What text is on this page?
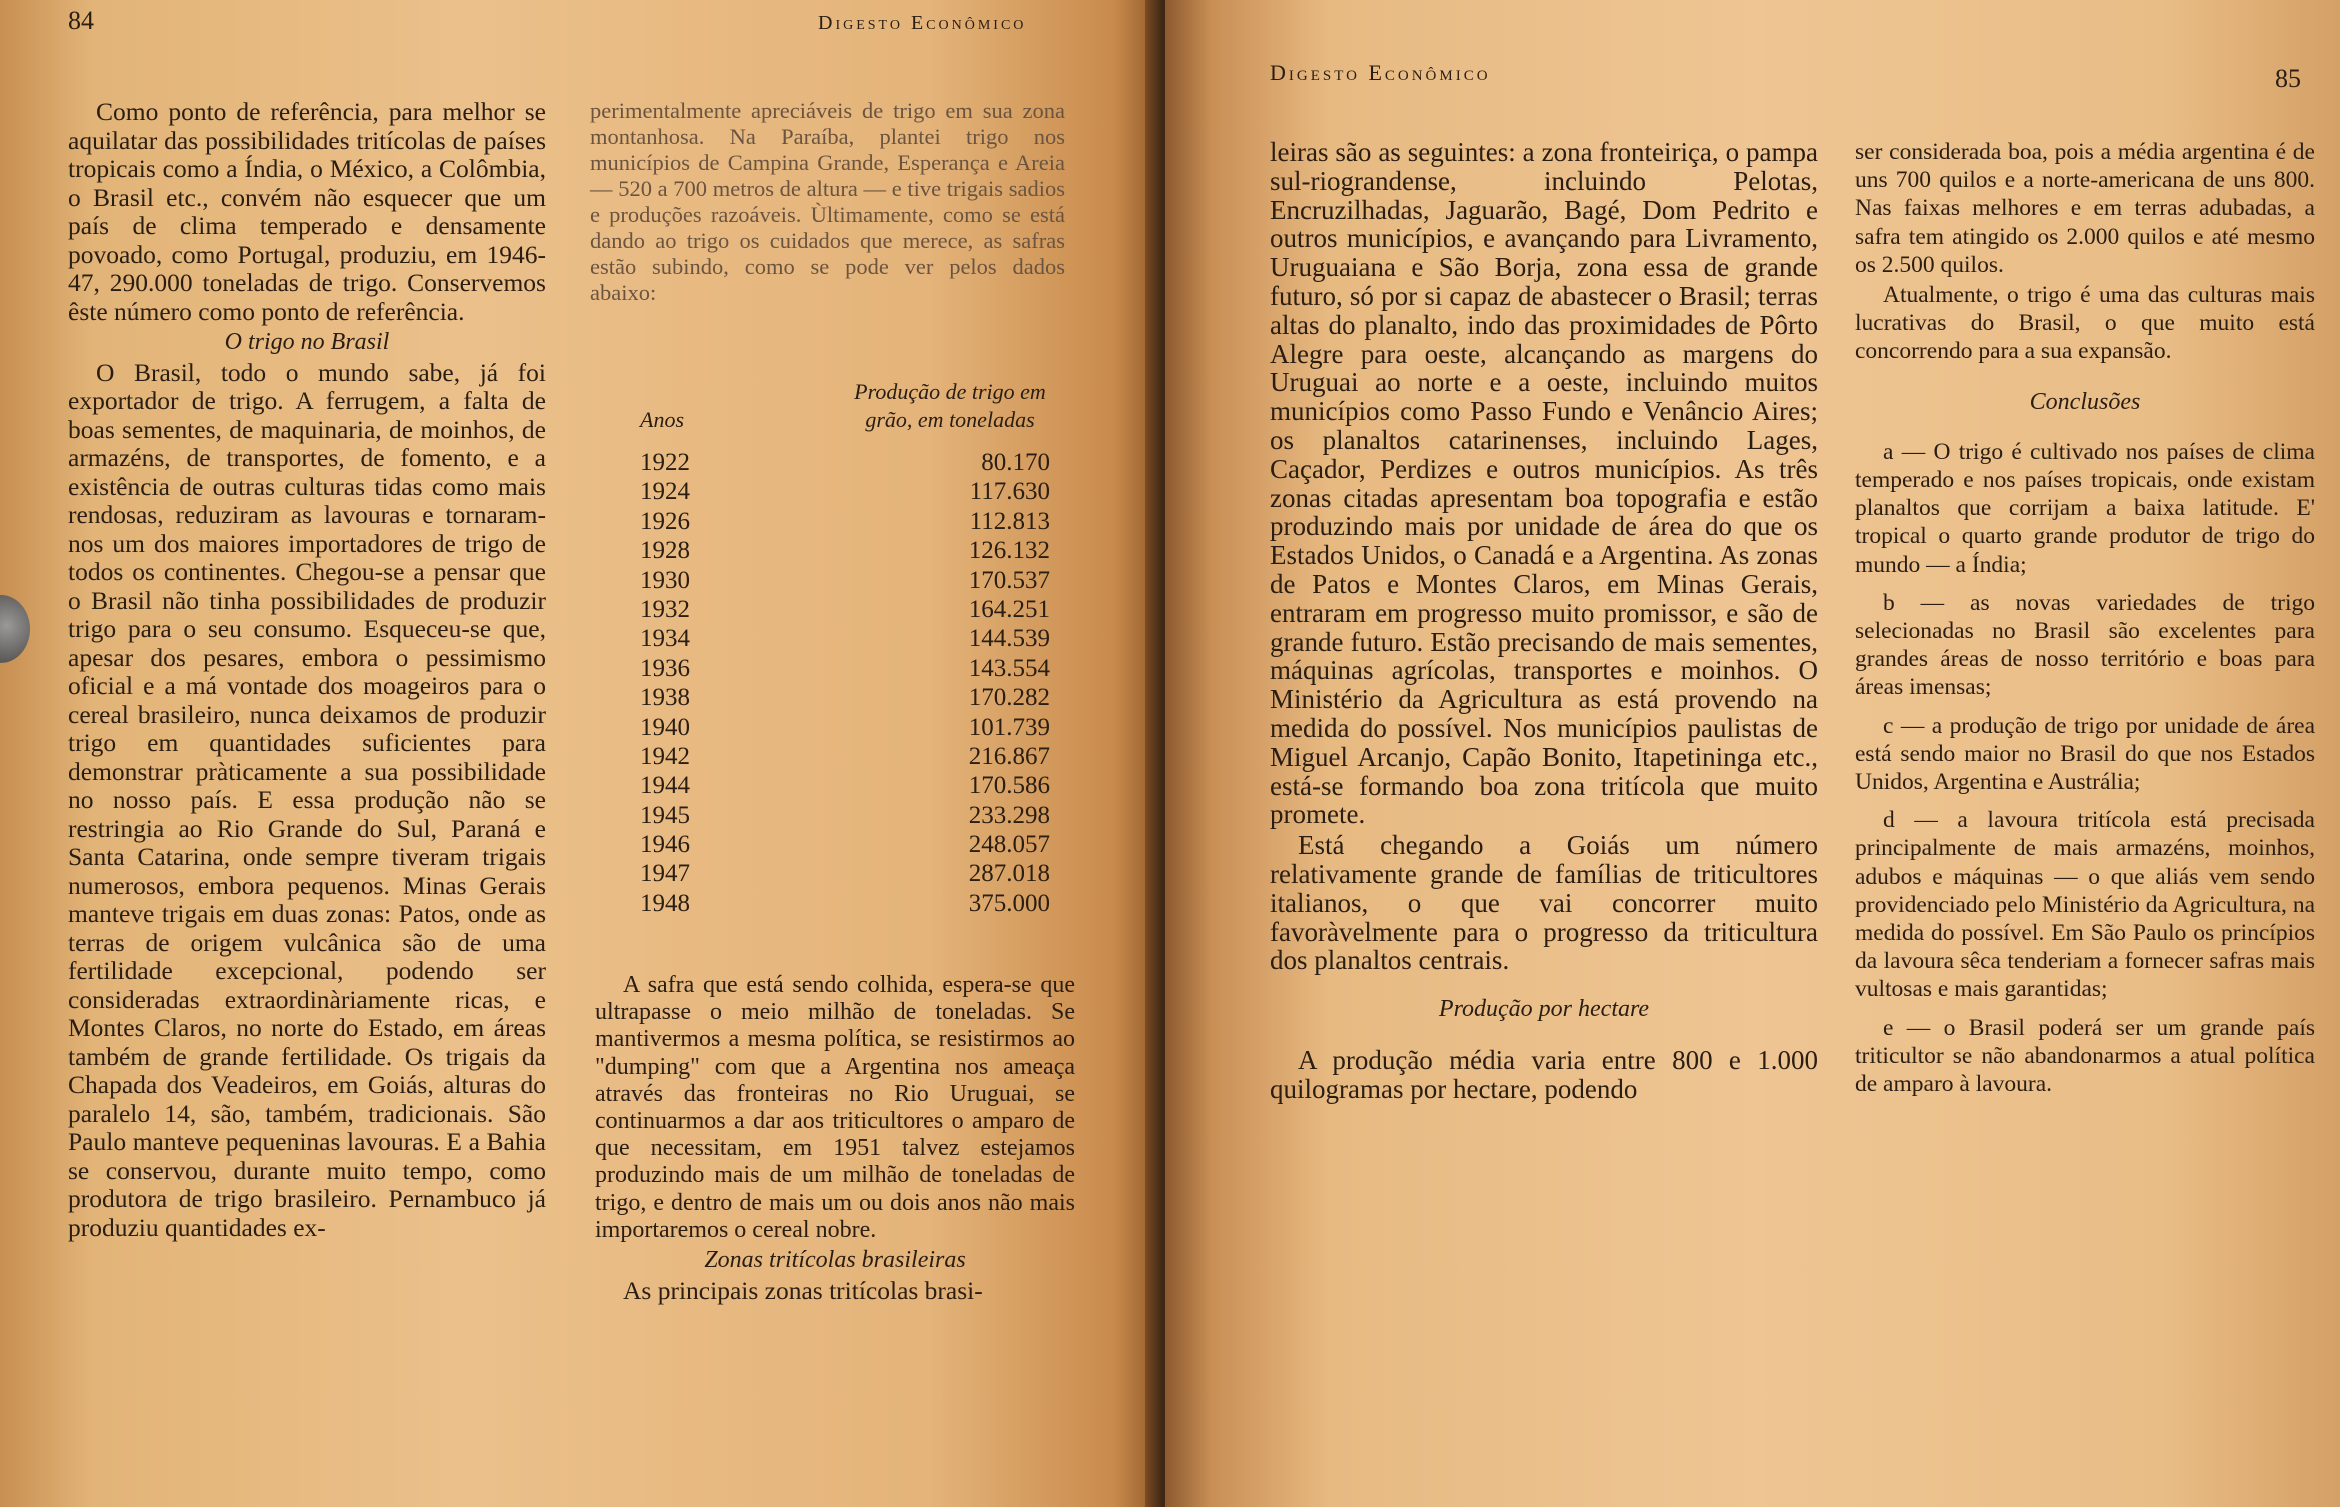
84	Digesto Econômico

Como ponto de referência, para melhor se aquilatar das possibilidades tritícolas de países tropicais como a Índia, o México, a Colômbia, o Brasil etc., convém não esquecer que um país de clima temperado e densamente povoado, como Portugal, produziu, em 1946-47, 290.000 toneladas de trigo. Conservemos êste número como ponto de referência.

O trigo no Brasil

O Brasil, todo o mundo sabe, já foi exportador de trigo. A ferrugem, a falta de boas sementes, de maquinaria, de moinhos, de armazéns, de transportes, de fomento, e a existência de outras culturas tidas como mais rendosas, reduziram as lavouras e tornaram-nos um dos maiores importadores de trigo de todos os continentes. Chegou-se a pensar que o Brasil não tinha possibilidades de produzir trigo para o seu consumo. Esqueceu-se que, apesar dos pesares, embora o pessimismo oficial e a má vontade dos moageiros para o cereal brasileiro, nunca deixamos de produzir trigo em quantidades suficientes para demonstrar pràticamente a sua possibilidade no nosso país. E essa produção não se restringia ao Rio Grande do Sul, Paraná e Santa Catarina, onde sempre tiveram trigais numerosos, embora pequenos. Minas Gerais manteve trigais em duas zonas: Patos, onde as terras de origem vulcânica são de uma fertilidade excepcional, podendo ser consideradas extraordinàriamente ricas, e Montes Claros, no norte do Estado, em áreas também de grande fertilidade. Os trigais da Chapada dos Veadeiros, em Goiás, alturas do paralelo 14, são, também, tradicionais. São Paulo manteve pequeninas lavouras. E a Bahia se conservou, durante muito tempo, como produtora de trigo brasileiro. Pernambuco já produziu quantidades ex-

perimentalmente apreciáveis de trigo em sua zona montanhosa. Na Paraíba, plantei trigo nos municípios de Campina Grande, Esperança e Areia — 520 a 700 metros de altura — e tive trigais sadios e produções razoáveis. Ùltimamente, como se está dando ao trigo os cuidados que merece, as safras estão subindo, como se pode ver pelos dados abaixo:

Anos
Produção de trigo em grão, em toneladas
1922	80.170
1924	117.630
1926	112.813
1928	126.132
1930	170.537
1932	164.251
1934	144.539
1936	143.554
1938	170.282
1940	101.739
1942	216.867
1944	170.586
1945	233.298
1946	248.057
1947	287.018
1948	375.000

A safra que está sendo colhida, espera-se que ultrapasse o meio milhão de toneladas. Se mantivermos a mesma política, se resistirmos ao "dumping" com que a Argentina nos ameaça através das fronteiras no Rio Uruguai, se continuarmos a dar aos triticultores o amparo de que necessitam, em 1951 talvez estejamos produzindo mais de um milhão de toneladas de trigo, e dentro de mais um ou dois anos não mais importaremos o cereal nobre.

Zonas tritícolas brasileiras

As principais zonas tritícolas brasi-

Digesto Econômico	85

leiras são as seguintes: a zona fronteiriça, o pampa sul-riograndense, incluindo Pelotas, Encruzilhadas, Jaguarão, Bagé, Dom Pedrito e outros municípios, e avançando para Livramento, Uruguaiana e São Borja, zona essa de grande futuro, só por si capaz de abastecer o Brasil; terras altas do planalto, indo das proximidades de Pôrto Alegre para oeste, alcançando as margens do Uruguai ao norte e a oeste, incluindo muitos municípios como Passo Fundo e Venâncio Aires; os planaltos catarinenses, incluindo Lages, Caçador, Perdizes e outros municípios. As três zonas citadas apresentam boa topografia e estão produzindo mais por unidade de área do que os Estados Unidos, o Canadá e a Argentina. As zonas de Patos e Montes Claros, em Minas Gerais, entraram em progresso muito promissor, e são de grande futuro. Estão precisando de mais sementes, máquinas agrícolas, transportes e moinhos. O Ministério da Agricultura as está provendo na medida do possível. Nos municípios paulistas de Miguel Arcanjo, Capão Bonito, Itapetininga etc., está-se formando boa zona tritícola que muito promete.

Está chegando a Goiás um número relativamente grande de famílias de triticultores italianos, o que vai concorrer muito favoràvelmente para o progresso da triticultura dos planaltos centrais.

Produção por hectare

A produção média varia entre 800 e 1.000 quilogramas por hectare, podendo

ser considerada boa, pois a média argentina é de uns 700 quilos e a norte-americana de uns 800. Nas faixas melhores e em terras adubadas, a safra tem atingido os 2.000 quilos e até mesmo os 2.500 quilos.

Atualmente, o trigo é uma das culturas mais lucrativas do Brasil, o que muito está concorrendo para a sua expansão.

Conclusões

a — O trigo é cultivado nos países de clima temperado e nos países tropicais, onde existam planaltos que corrijam a baixa latitude. E' tropical o quarto grande produtor de trigo do mundo — a Índia;

b — as novas variedades de trigo selecionadas no Brasil são excelentes para grandes áreas de nosso território e boas para áreas imensas;

c — a produção de trigo por unidade de área está sendo maior no Brasil do que nos Estados Unidos, Argentina e Austrália;

d — a lavoura tritícola está precisada principalmente de mais armazéns, moinhos, adubos e máquinas — o que aliás vem sendo providenciado pelo Ministério da Agricultura, na medida do possível. Em São Paulo os princípios da lavoura sêca tenderiam a fornecer safras mais vultosas e mais garantidas;

e — o Brasil poderá ser um grande país triticultor se não abandonarmos a atual política de amparo à lavoura.
